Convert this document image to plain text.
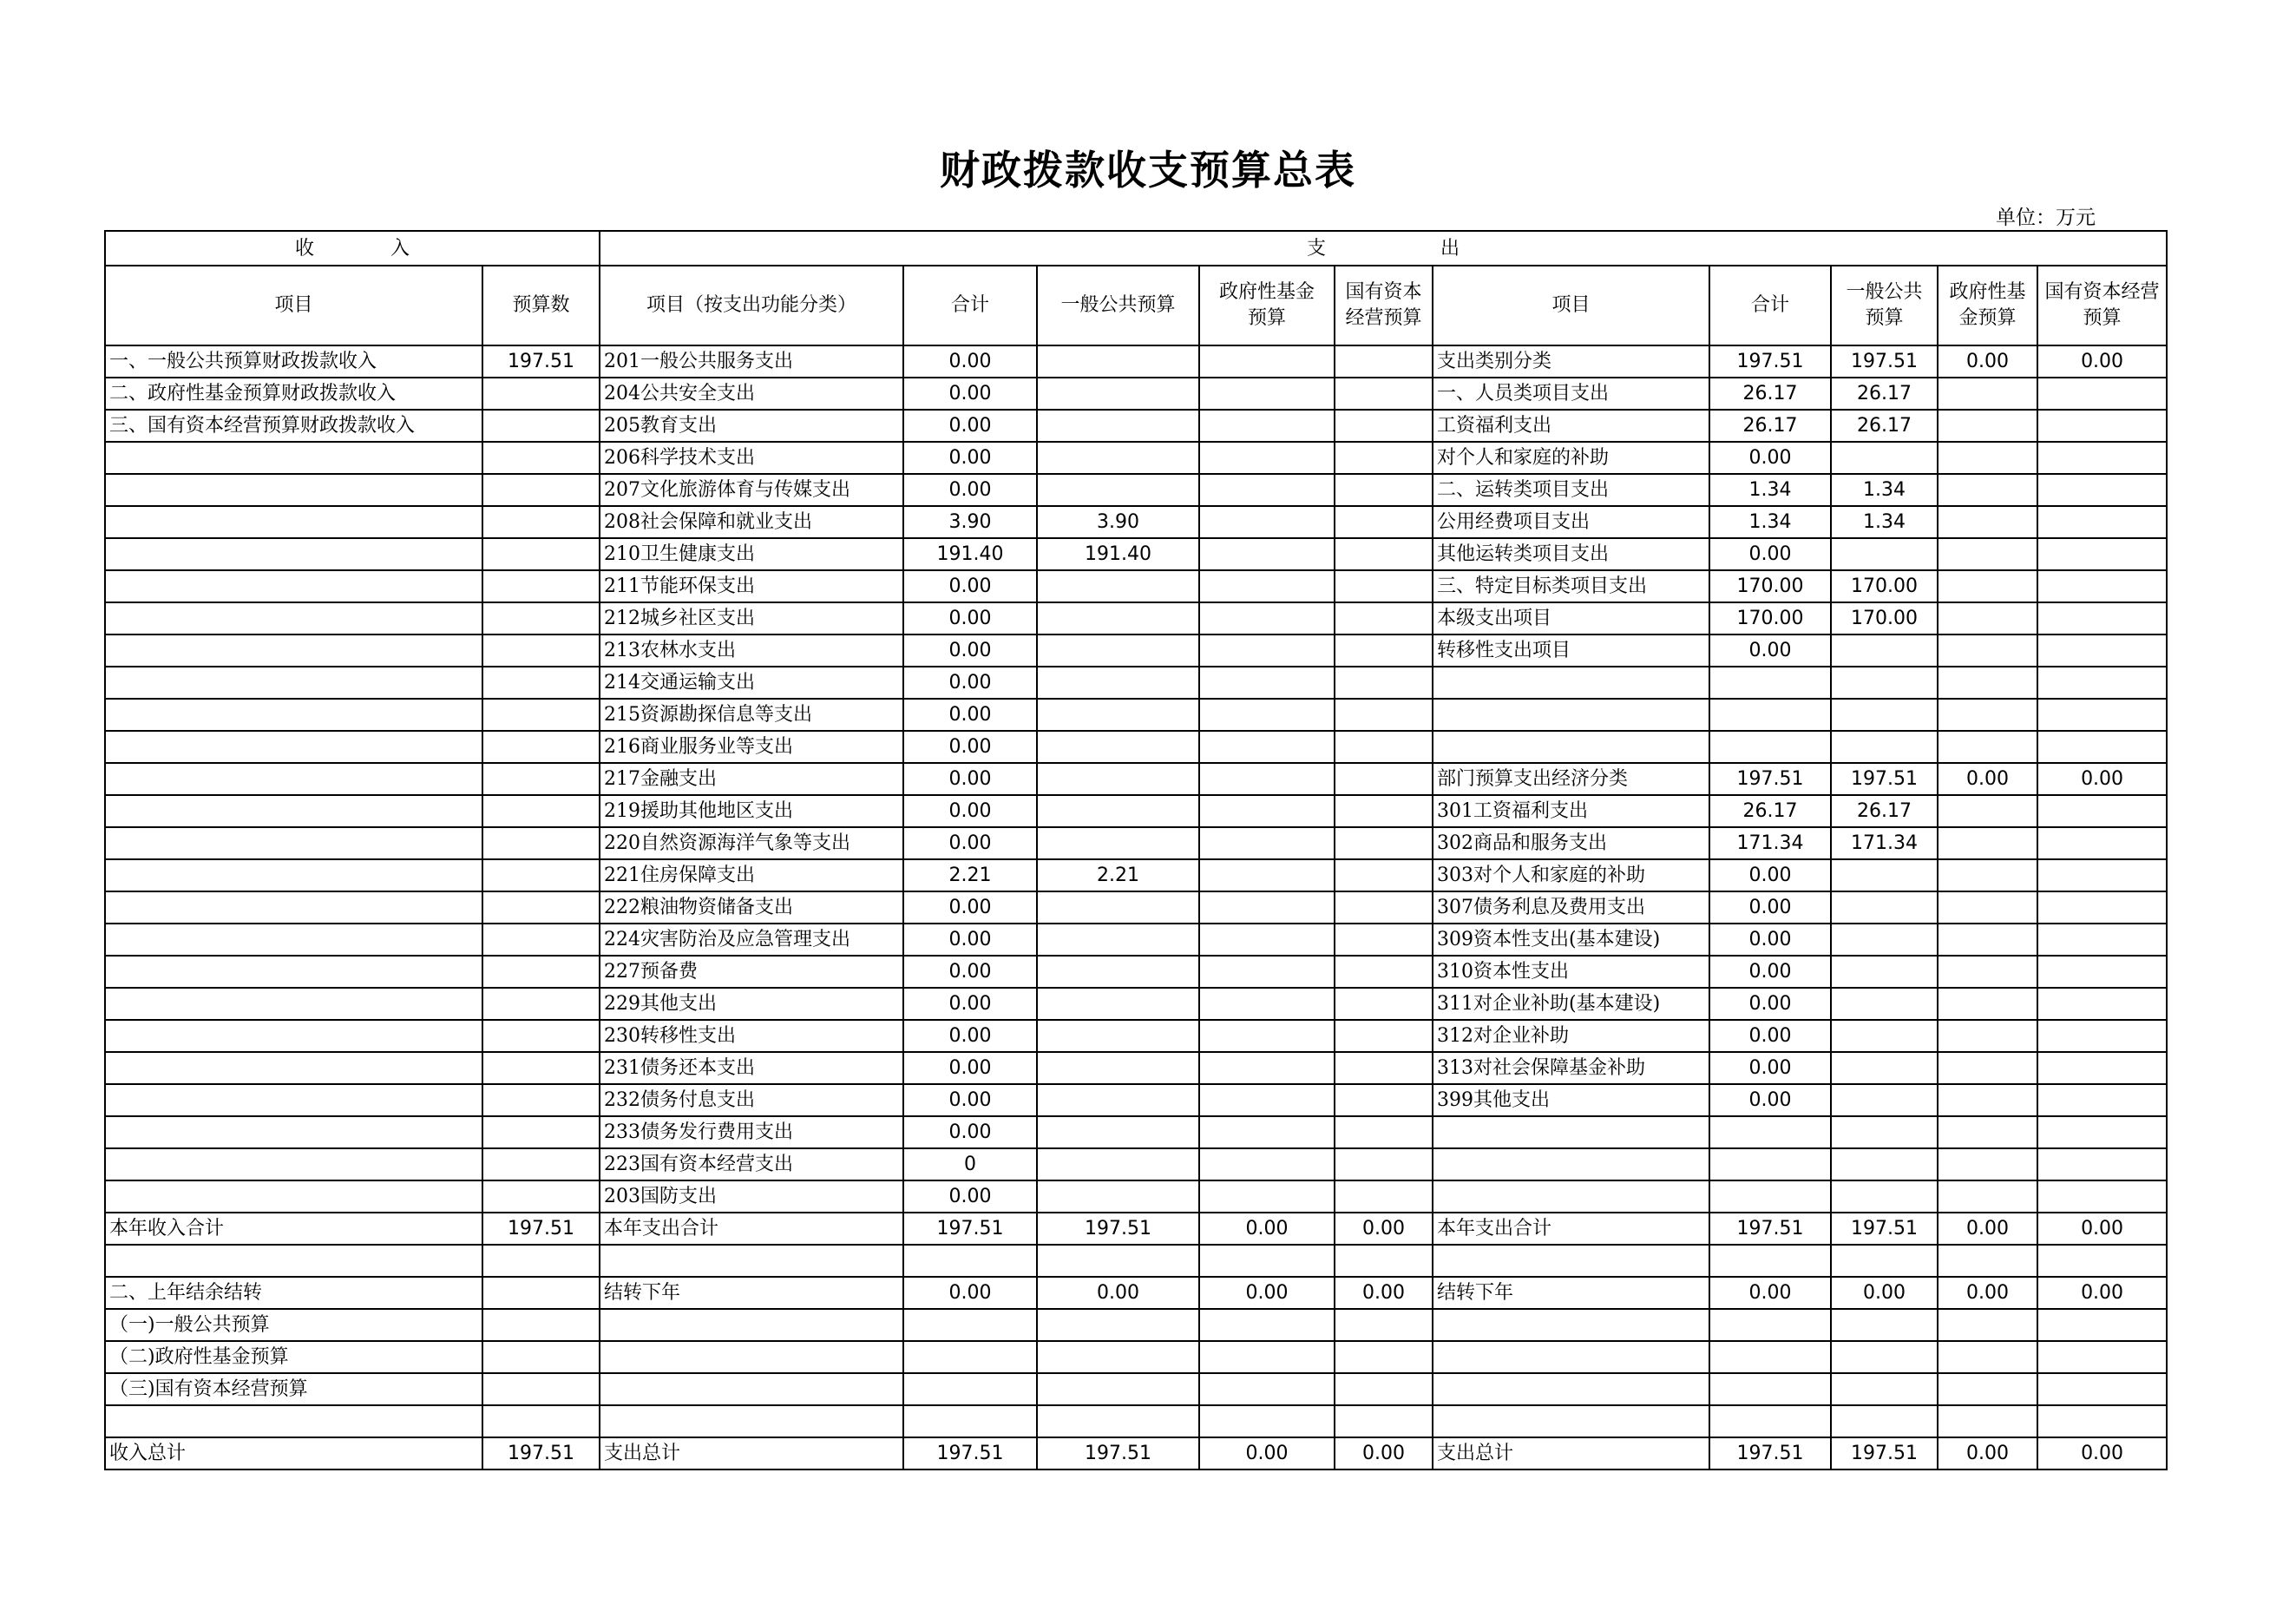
财政拨款收支预算总表
单位：万元
收　　　　入		支　　　　　　出									
项目	预算数	项目（按支出功能分类）	合计	一般公共预算	政府性基金预算	国有资本经营预算	项目	合计	一般公共预算	政府性基金预算	国有资本经营预算
一、一般公共预算财政拨款收入	197.51	201一般公共服务支出	0.00				支出类别分类	197.51	197.51	0.00	0.00
二、政府性基金预算财政拨款收入		204公共安全支出	0.00				一、人员类项目支出	26.17	26.17		
三、国有资本经营预算财政拨款收入		205教育支出	0.00				工资福利支出	26.17	26.17		
		206科学技术支出	0.00				对个人和家庭的补助	0.00			
		207文化旅游体育与传媒支出	0.00				二、运转类项目支出	1.34	1.34		
		208社会保障和就业支出	3.90	3.90			公用经费项目支出	1.34	1.34		
		210卫生健康支出	191.40	191.40			其他运转类项目支出	0.00			
		211节能环保支出	0.00				三、特定目标类项目支出	170.00	170.00		
		212城乡社区支出	0.00				本级支出项目	170.00	170.00		
		213农林水支出	0.00				转移性支出项目	0.00			
		214交通运输支出	0.00								
		215资源勘探信息等支出	0.00								
		216商业服务业等支出	0.00								
		217金融支出	0.00				部门预算支出经济分类	197.51	197.51	0.00	0.00
		219援助其他地区支出	0.00				301工资福利支出	26.17	26.17		
		220自然资源海洋气象等支出	0.00				302商品和服务支出	171.34	171.34		
		221住房保障支出	2.21	2.21			303对个人和家庭的补助	0.00			
		222粮油物资储备支出	0.00				307债务利息及费用支出	0.00			
		224灾害防治及应急管理支出	0.00				309资本性支出(基本建设)	0.00			
		227预备费	0.00				310资本性支出	0.00			
		229其他支出	0.00				311对企业补助(基本建设)	0.00			
		230转移性支出	0.00				312对企业补助	0.00			
		231债务还本支出	0.00				313对社会保障基金补助	0.00			
		232债务付息支出	0.00				399其他支出	0.00			
		233债务发行费用支出	0.00								
		223国有资本经营支出	0								
		203国防支出	0.00								
本年收入合计	197.51	本年支出合计	197.51	197.51	0.00	0.00	本年支出合计	197.51	197.51	0.00	0.00

二、上年结余结转		结转下年	0.00	0.00	0.00	0.00	结转下年	0.00	0.00	0.00	0.00
（一)一般公共预算											
（二)政府性基金预算											
（三)国有资本经营预算											

收入总计	197.51	支出总计	197.51	197.51	0.00	0.00	支出总计	197.51	197.51	0.00	0.00
